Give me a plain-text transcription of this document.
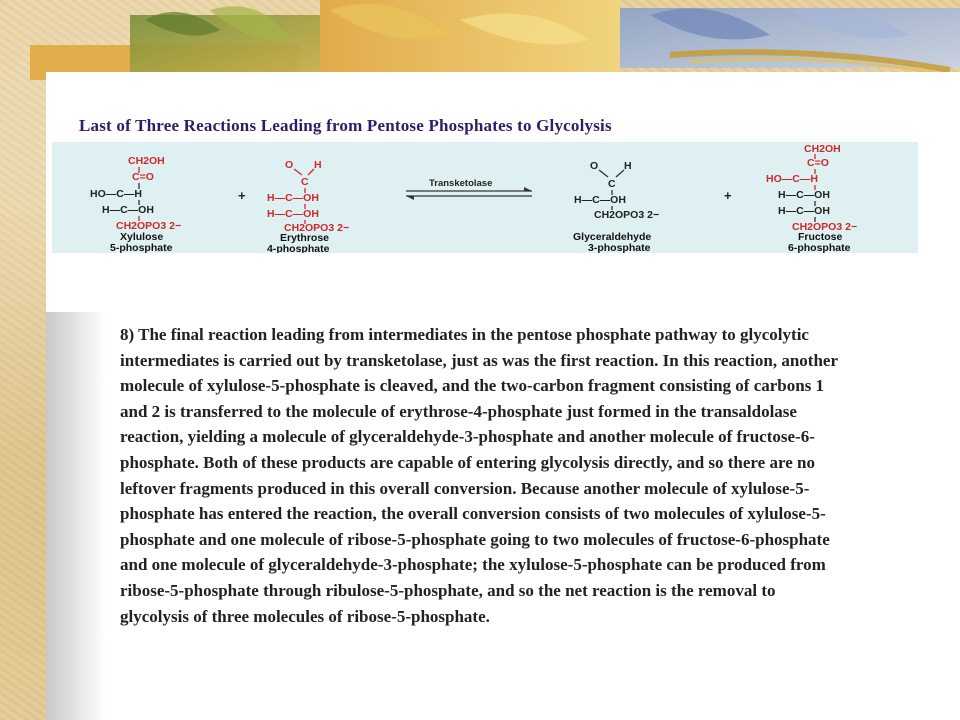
Last of Three Reactions Leading from Pentose Phosphates to Glycolysis
CH2OH
C=O
HO—C—H
H—C—OH
CH2OPO3 2−
Xylulose
5-phosphate
+
O H
C
H—C—OH
H—C—OH
CH2OPO3 2−
Erythrose
4-phosphate
Transketolase
O H
C
H—C—OH
CH2OPO3 2−
Glyceraldehyde
3-phosphate
+
CH2OH
C=O
HO—C—H
H—C—OH
H—C—OH
CH2OPO3 2−
Fructose
6-phosphate
8) The final reaction leading from intermediates in the pentose phosphate pathway to glycolytic intermediates is carried out by transketolase, just as was the first reaction. In this reaction, another molecule of xylulose-5-phosphate is cleaved, and the two-carbon fragment consisting of carbons 1 and 2 is transferred to the molecule of erythrose-4-phosphate just formed in the transaldolase reaction, yielding a molecule of glyceraldehyde-3-phosphate and another molecule of fructose-6-phosphate. Both of these products are capable of entering glycolysis directly, and so there are no leftover fragments produced in this overall conversion. Because another molecule of xylulose-5-phosphate has entered the reaction, the overall conversion consists of two molecules of xylulose-5-phosphate and one molecule of ribose-5-phosphate going to two molecules of fructose-6-phosphate and one molecule of glyceraldehyde-3-phosphate; the xylulose-5-phosphate can be produced from ribose-5-phosphate through ribulose-5-phosphate, and so the net reaction is the removal to glycolysis of three molecules of ribose-5-phosphate.
